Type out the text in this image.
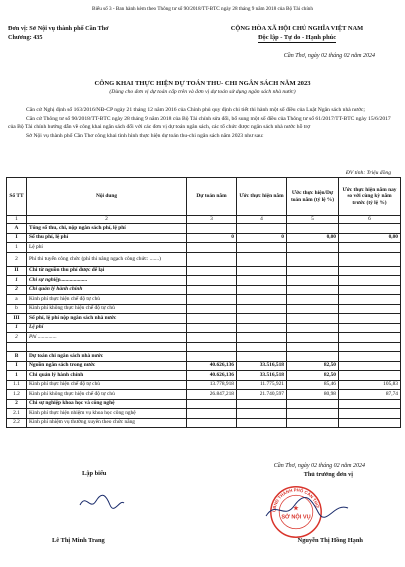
Biểu số 3 - Ban hành kèm theo Thông tư số 90/2018/TT-BTC ngày 28 tháng 9 năm 2018 của Bộ Tài chính
Đơn vị: Sở Nội vụ thành phố Cần Thơ
Chương: 435
CỘNG HÒA XÃ HỘI CHỦ NGHĨA VIỆT NAM
Độc lập - Tự do - Hạnh phúc
Cần Thơ, ngày 02 tháng 02 năm 2024
CÔNG KHAI THỰC HIỆN DỰ TOÁN THU- CHI NGÂN SÁCH NĂM 2023
(Dùng cho đơn vị dự toán cấp trên và đơn vị dự toán sử dụng ngân sách nhà nước)

Căn cứ Nghị định số 163/2016/NĐ-CP ngày 21 tháng 12 năm 2016 của Chính phủ quy định chi tiết thi hành một số điều của Luật Ngân sách nhà nước;

Căn cứ Thông tư số 90/2018/TT-BTC ngày 28 tháng 9 năm 2018 của Bộ Tài chính sửa đổi, bổ sung một số điều của Thông tư số 61/2017/TT-BTC ngày 15/6/2017 của Bộ Tài chính hướng dẫn về công khai ngân sách đối với các đơn vị dự toán ngân sách, các tổ chức được ngân sách nhà nước hỗ trợ

Sở Nội vụ thành phố Cần Thơ công khai tình hình thực hiện dự toán thu-chi ngân sách năm 2023 như sau:

ĐV tính: Triệu đồng
Số TT	Nội dung	Dự toán năm	Ước thực hiện năm	Ước thực hiện/Dự toán năm (tỷ lệ %)	Ước thực hiện năm nay so với cùng kỳ năm trước (tỷ lệ %)
1	2	3	4	5	6
A	Tổng số thu, chi, nộp ngân sách phí, lệ phí				
I	Số thu phí, lệ phí	0	0	0,00	0,00
1	Lệ phí				
2	Phí thi tuyển công chức (phí thi nâng ngạch công chức: .......)				
II	Chi từ nguồn thu phí được để lại				
1	Chi sự nghiệp....................				
2	Chi quản lý hành chính				
a	Kinh phí thực hiện chế độ tự chủ				
b	Kinh phí không thực hiện chế độ tự chủ				
III	Số phí, lệ phí nộp ngân sách nhà nước				
1	Lệ phí				
2	Phí ..............				

B	Dự toán chi ngân sách nhà nước				
I	Nguồn ngân sách trong nước	40.626,136	33.516,518	82,50	
1	Chi quản lý hành chính	40.626,136	33.516,518	82,50	
1.1	Kinh phí thực hiện chế độ tự chủ	13.778,918	11.775,921	85,46	105,83
1.2	Kinh phí không thực hiện chế độ tự chủ	26.847,218	21.740,597	80,98	87,74
2	Chi sự nghiệp khoa học và công nghệ				
2.1	Kinh phí thực hiện nhiệm vụ khoa học công nghệ				
2.2	Kinh phí nhiệm vụ thường xuyên theo chức năng				
Cần Thơ, ngày 02 tháng 02 năm 2024
Lập biểu	Thủ trưởng đơn vị
UBND THÀNH PHỐ CẦN THƠ
★
SỞ NỘI VỤ
Lê Thị Minh Trang	Nguyễn Thị Hồng Hạnh
